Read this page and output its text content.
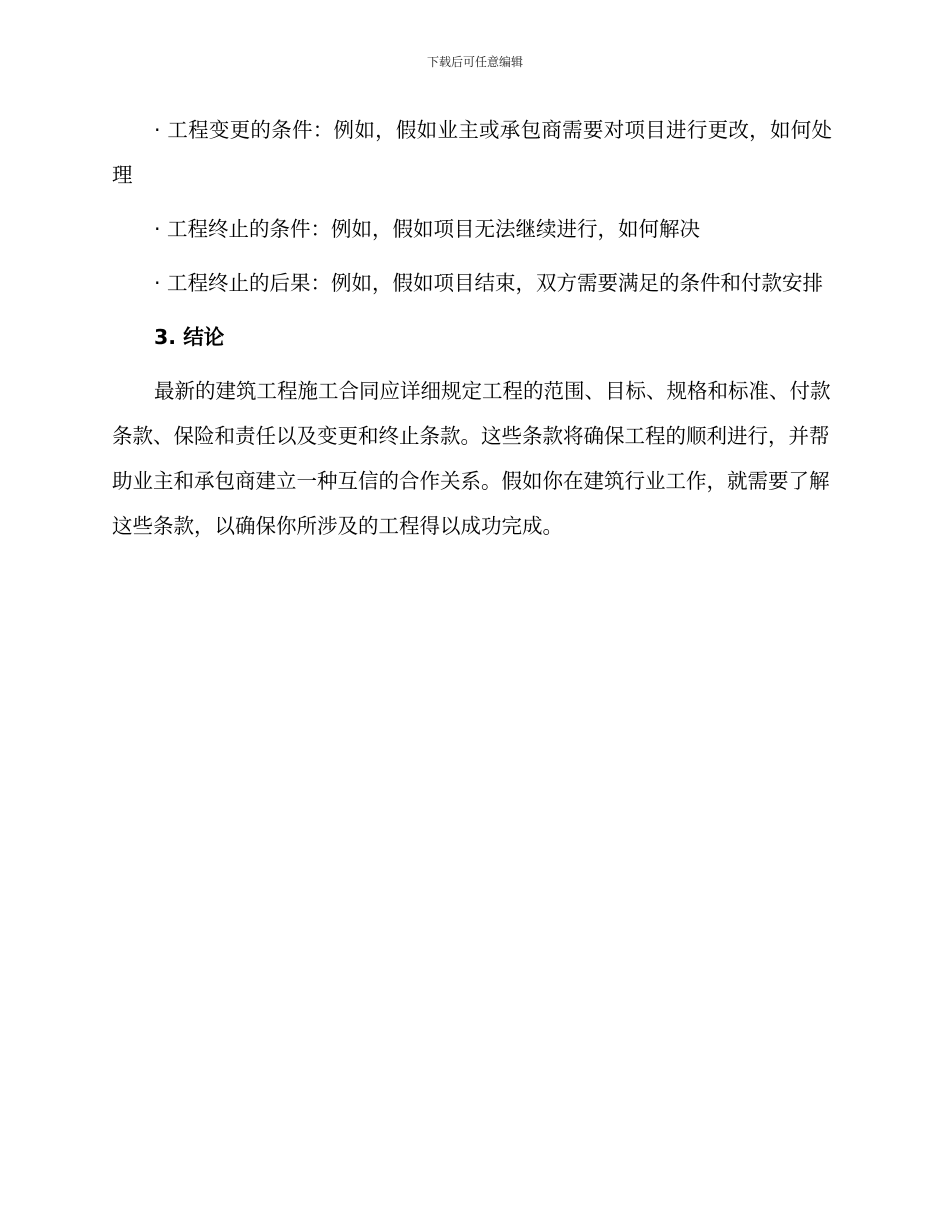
下载后可任意编辑

· 工程变更的条件：例如，假如业主或承包商需要对项目进行更改，如何处理

· 工程终止的条件：例如，假如项目无法继续进行，如何解决

· 工程终止的后果：例如，假如项目结束，双方需要满足的条件和付款安排

3. 结论

最新的建筑工程施工合同应详细规定工程的范围、目标、规格和标准、付款条款、保险和责任以及变更和终止条款。这些条款将确保工程的顺利进行，并帮助业主和承包商建立一种互信的合作关系。假如你在建筑行业工作，就需要了解这些条款，以确保你所涉及的工程得以成功完成。
